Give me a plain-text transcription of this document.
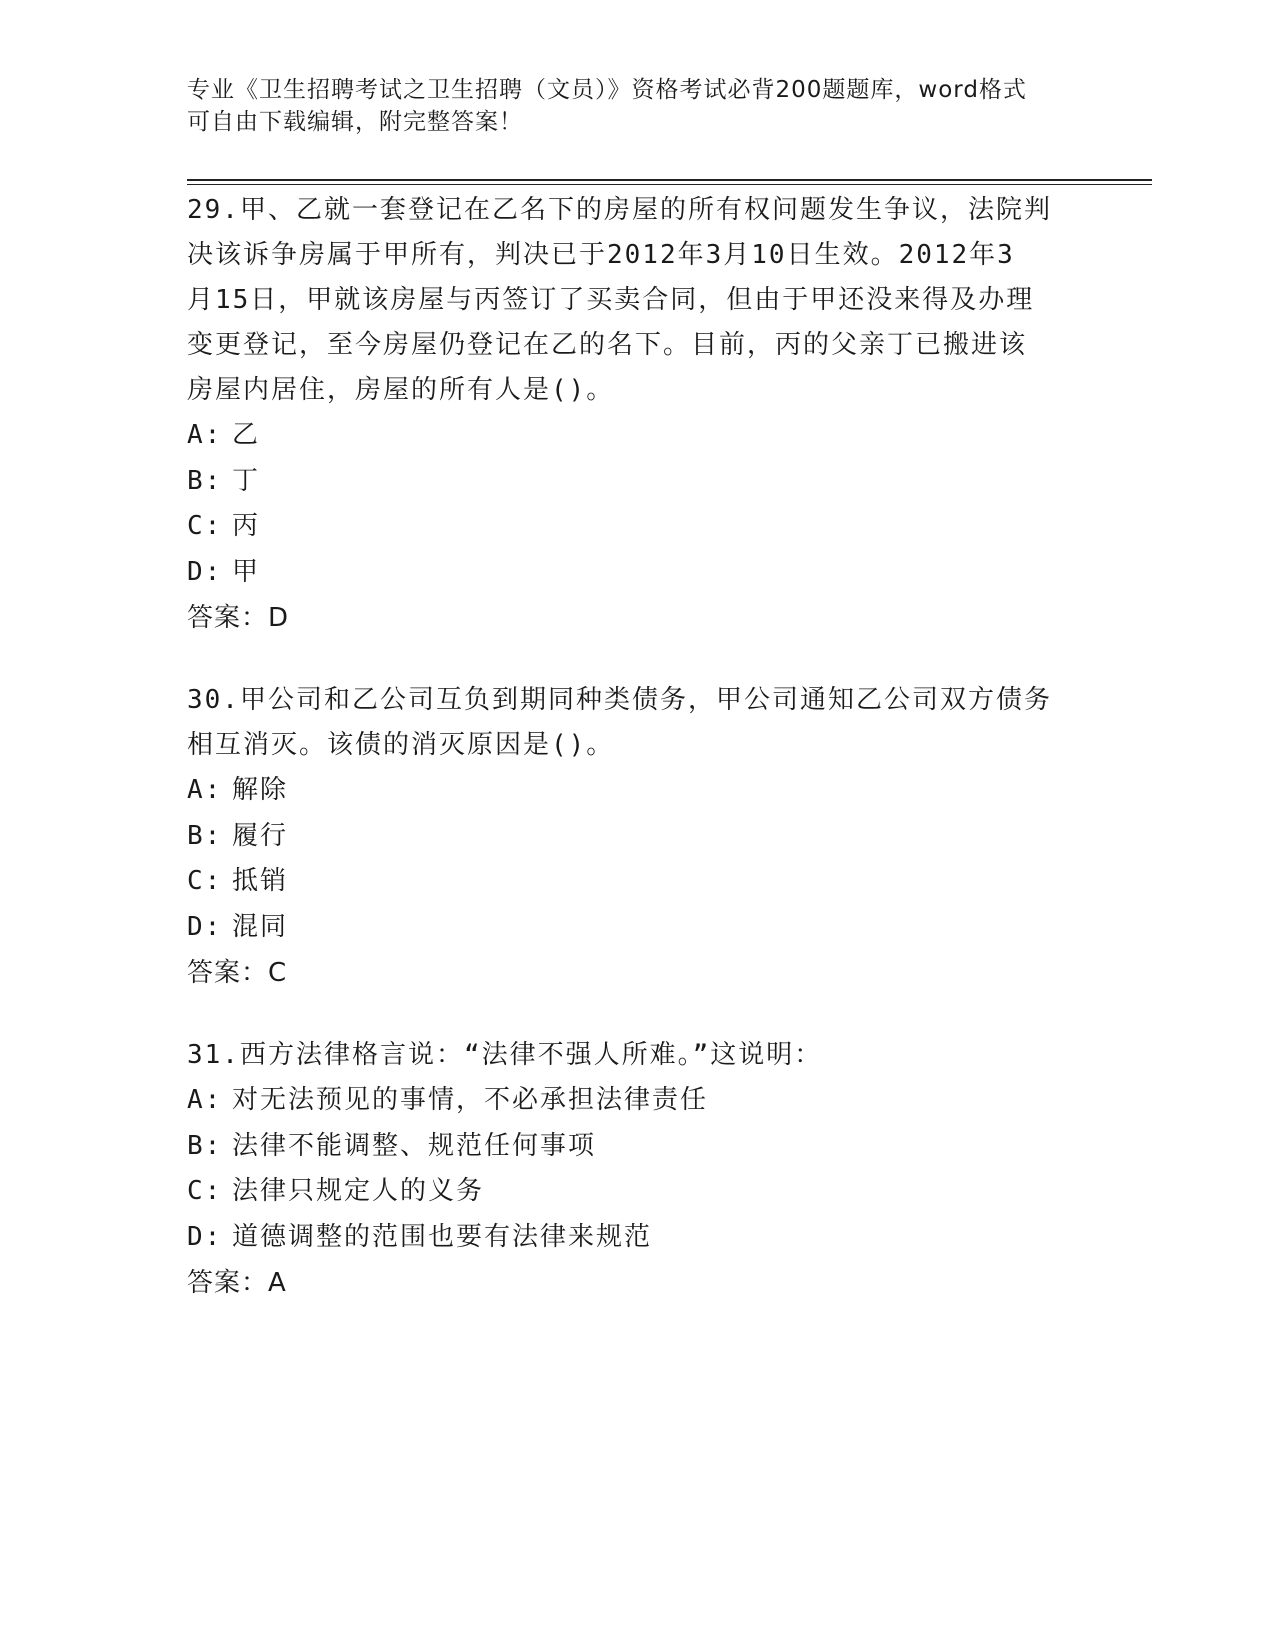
专业《卫生招聘考试之卫生招聘（文员）》资格考试必背200题题库，word格式
可自由下载编辑，附完整答案！
29.甲、乙就一套登记在乙名下的房屋的所有权问题发生争议，法院判
决该诉争房属于甲所有，判决已于2012年3月10日生效。2012年3
月15日，甲就该房屋与丙签订了买卖合同，但由于甲还没来得及办理
变更登记，至今房屋仍登记在乙的名下。目前，丙的父亲丁已搬进该
房屋内居住，房屋的所有人是()。
A: 乙
B: 丁
C: 丙
D: 甲
答案：D
30.甲公司和乙公司互负到期同种类债务，甲公司通知乙公司双方债务
相互消灭。该债的消灭原因是()。
A: 解除
B: 履行
C: 抵销
D: 混同
答案：C
31.西方法律格言说：“法律不强人所难。”这说明：
A: 对无法预见的事情，不必承担法律责任
B: 法律不能调整、规范任何事项
C: 法律只规定人的义务
D: 道德调整的范围也要有法律来规范
答案：A
